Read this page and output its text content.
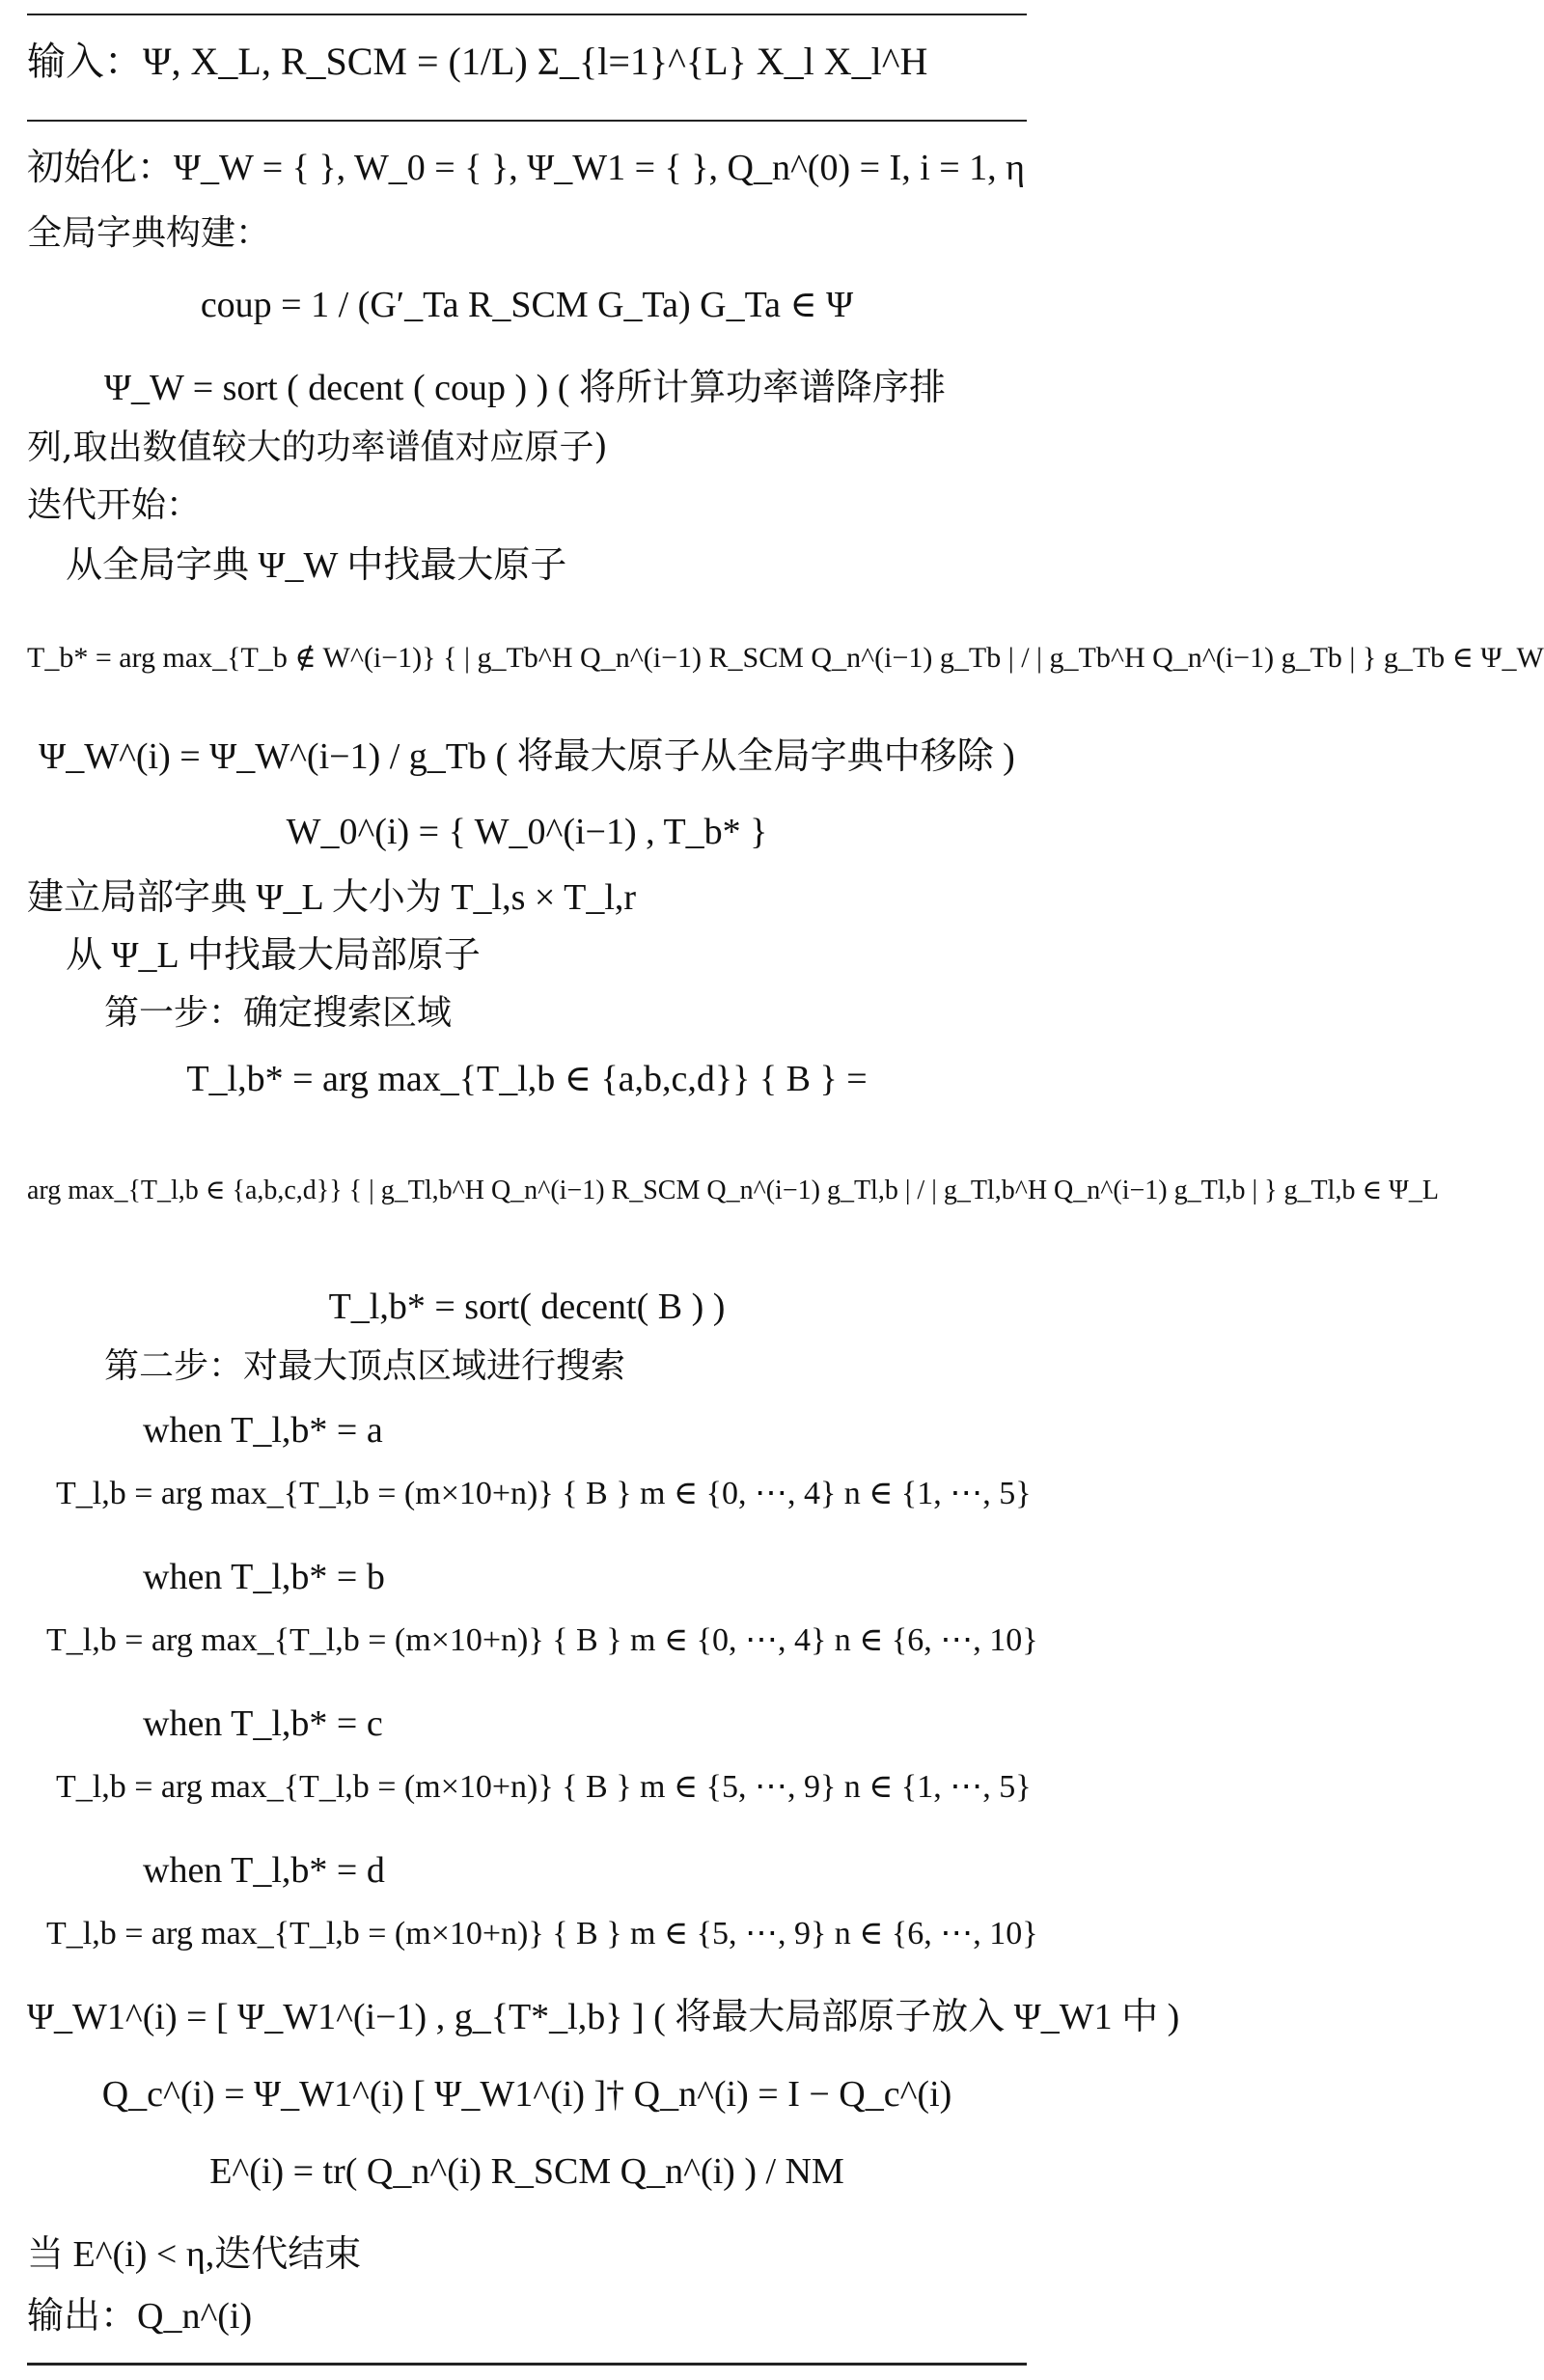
输入：Ψ, X_L, R_SCM = (1/L) Σ_{l=1}^{L} X_l X_l^H
初始化：Ψ_W = { }, W_0 = { }, Ψ_W1 = { }, Q_n^(0) = I, i = 1, η
全局字典构建：
coup = 1 / (G′_Ta R_SCM G_Ta) G_Ta ∈ Ψ
Ψ_W = sort ( decent ( coup ) ) ( 将所计算功率谱降序排
列,取出数值较大的功率谱值对应原子)
迭代开始：
从全局字典 Ψ_W 中找最大原子
T_b* = arg max_{T_b ∉ W^(i−1)} { | g_Tb^H Q_n^(i−1) R_SCM Q_n^(i−1) g_Tb | / | g_Tb^H Q_n^(i−1) g_Tb | } g_Tb ∈ Ψ_W
Ψ_W^(i) = Ψ_W^(i−1) / g_Tb ( 将最大原子从全局字典中移除 )
W_0^(i) = { W_0^(i−1) , T_b* }
建立局部字典 Ψ_L 大小为 T_l,s × T_l,r
从 Ψ_L 中找最大局部原子
第一步：确定搜索区域
T_l,b* = arg max_{T_l,b ∈ {a,b,c,d}} { B } =
arg max_{T_l,b ∈ {a,b,c,d}} { | g_Tl,b^H Q_n^(i−1) R_SCM Q_n^(i−1) g_Tl,b | / | g_Tl,b^H Q_n^(i−1) g_Tl,b | } g_Tl,b ∈ Ψ_L
T_l,b* = sort( decent( B ) )
第二步：对最大顶点区域进行搜索
when T_l,b* = a
T_l,b = arg max_{T_l,b = (m×10+n)} { B } m ∈ {0, ⋯, 4} n ∈ {1, ⋯, 5}
when T_l,b* = b
T_l,b = arg max_{T_l,b = (m×10+n)} { B } m ∈ {0, ⋯, 4} n ∈ {6, ⋯, 10}
when T_l,b* = c
T_l,b = arg max_{T_l,b = (m×10+n)} { B } m ∈ {5, ⋯, 9} n ∈ {1, ⋯, 5}
when T_l,b* = d
T_l,b = arg max_{T_l,b = (m×10+n)} { B } m ∈ {5, ⋯, 9} n ∈ {6, ⋯, 10}
Ψ_W1^(i) = [ Ψ_W1^(i−1) , g_{T*_l,b} ] ( 将最大局部原子放入 Ψ_W1 中 )
Q_c^(i) = Ψ_W1^(i) [ Ψ_W1^(i) ]† Q_n^(i) = I − Q_c^(i)
E^(i) = tr( Q_n^(i) R_SCM Q_n^(i) ) / NM
当 E^(i) < η,迭代结束
输出：Q_n^(i)
